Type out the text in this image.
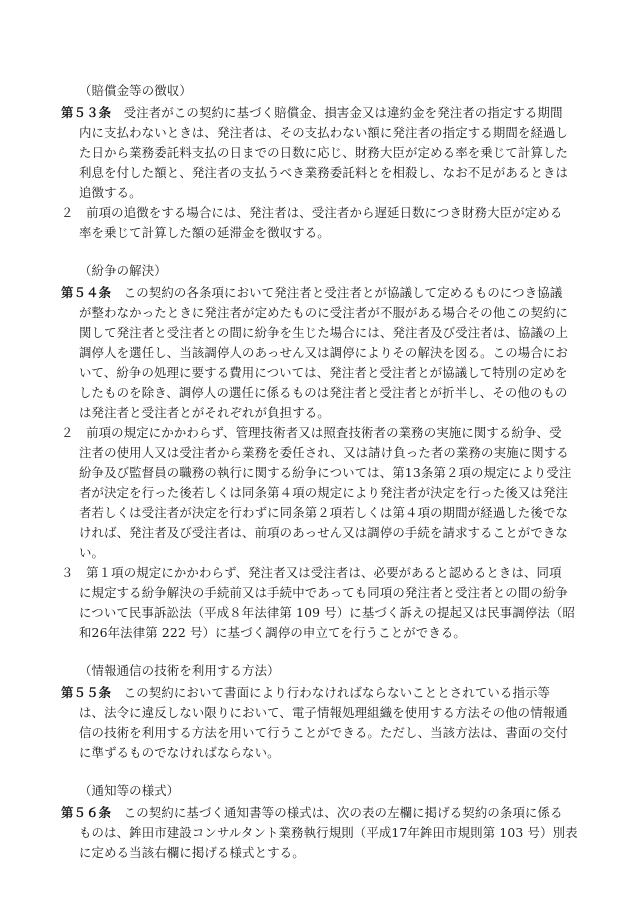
（賠償金等の徴収）
第５３条　受注者がこの契約に基づく賠償金、損害金又は違約金を発注者の指定する期間
内に支払わないときは、発注者は、その支払わない額に発注者の指定する期間を経過し
た日から業務委託料支払の日までの日数に応じ、財務大臣が定める率を乗じて計算した
利息を付した額と、発注者の支払うべき業務委託料とを相殺し、なお不足があるときは
追徴する。
２　前項の追徴をする場合には、発注者は、受注者から遅延日数につき財務大臣が定める
率を乗じて計算した額の延滞金を徴収する。
（紛争の解決）
第５４条　この契約の各条項において発注者と受注者とが協議して定めるものにつき協議
が整わなかったときに発注者が定めたものに受注者が不服がある場合その他この契約に
関して発注者と受注者との間に紛争を生じた場合には、発注者及び受注者は、協議の上
調停人を選任し、当該調停人のあっせん又は調停によりその解決を図る。この場合にお
いて、紛争の処理に要する費用については、発注者と受注者とが協議して特別の定めを
したものを除き、調停人の選任に係るものは発注者と受注者とが折半し、その他のもの
は発注者と受注者とがそれぞれが負担する。
２　前項の規定にかかわらず、管理技術者又は照査技術者の業務の実施に関する紛争、受
注者の使用人又は受注者から業務を委任され、又は請け負った者の業務の実施に関する
紛争及び監督員の職務の執行に関する紛争については、第13条第２項の規定により受注
者が決定を行った後若しくは同条第４項の規定により発注者が決定を行った後又は発注
者若しくは受注者が決定を行わずに同条第２項若しくは第４項の期間が経過した後でな
ければ、発注者及び受注者は、前項のあっせん又は調停の手続を請求することができな
い。
３　第１項の規定にかかわらず、発注者又は受注者は、必要があると認めるときは、同項
に規定する紛争解決の手続前又は手続中であっても同項の発注者と受注者との間の紛争
について民事訴訟法（平成８年法律第 109 号）に基づく訴えの提起又は民事調停法（昭
和26年法律第 222 号）に基づく調停の申立てを行うことができる。
（情報通信の技術を利用する方法）
第５５条　この契約において書面により行わなければならないこととされている指示等
は、法令に違反しない限りにおいて、電子情報処理組織を使用する方法その他の情報通
信の技術を利用する方法を用いて行うことができる。ただし、当該方法は、書面の交付
に準ずるものでなければならない。
（通知等の様式）
第５６条　この契約に基づく通知書等の様式は、次の表の左欄に掲げる契約の条項に係る
ものは、鉾田市建設コンサルタント業務執行規則（平成17年鉾田市規則第 103 号）別表
に定める当該右欄に掲げる様式とする。
